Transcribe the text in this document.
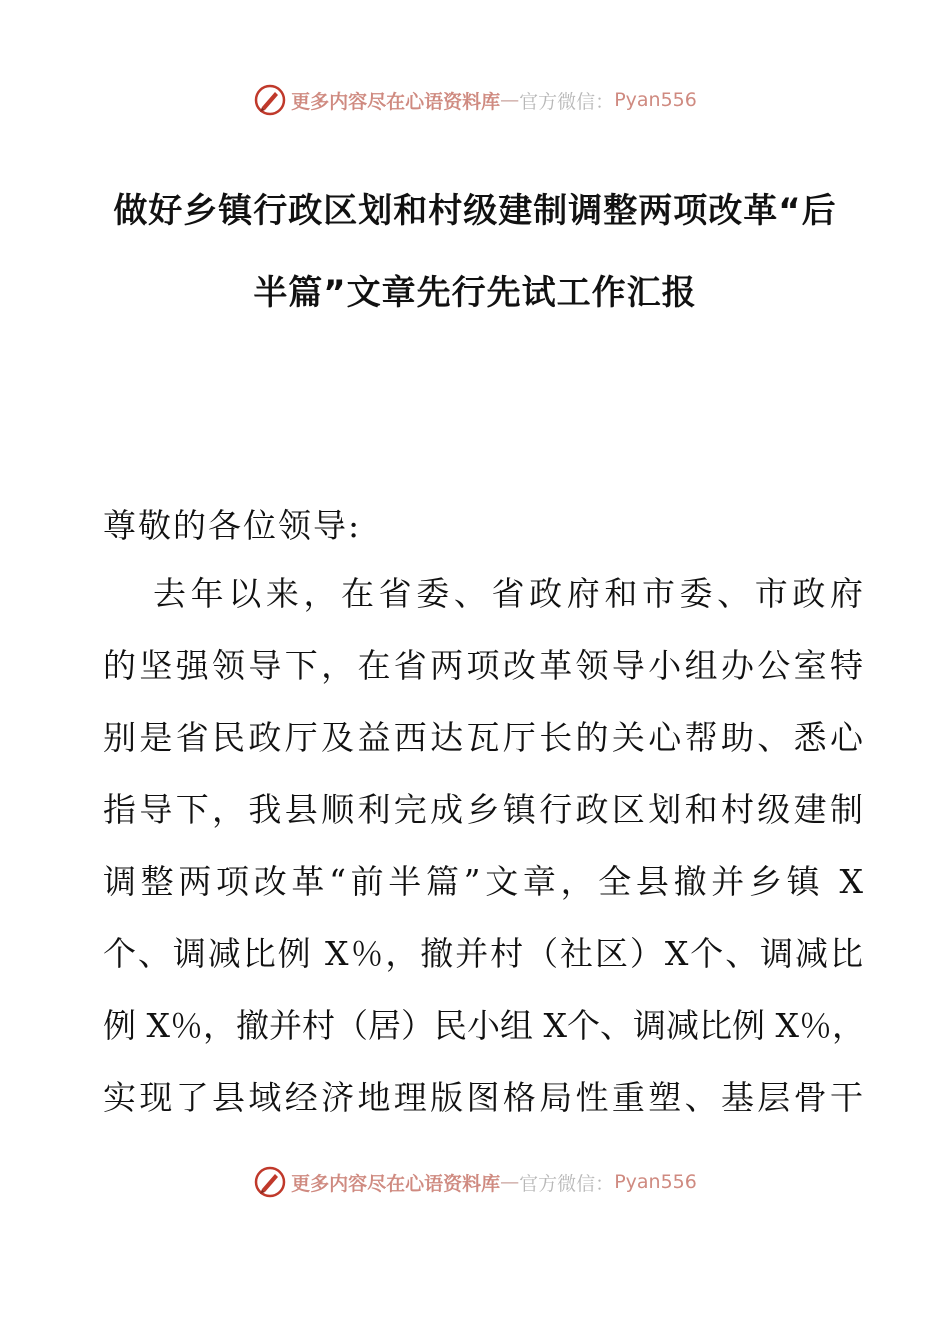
更多内容尽在心语资料库 — 官方微信： Pyan556
做好乡镇行政区划和村级建制调整两项改革“后
半篇”文章先行先试工作汇报
尊敬的各位领导:
去年以来，在省委、省政府和市委、市政府
的坚强领导下，在省两项改革领导小组办公室特
别是省民政厅及益西达瓦厅长的关心帮助、悉心
指导下，我县顺利完成乡镇行政区划和村级建制
调整两项改革“前半篇”文章，全县撤并乡镇 X
个、调减比例 X％，撤并村（社区）X个、调减比
例 X％，撤并村（居）民小组 X个、调减比例 X％，
实现了县域经济地理版图格局性重塑、基层骨干
更多内容尽在心语资料库 — 官方微信： Pyan556
